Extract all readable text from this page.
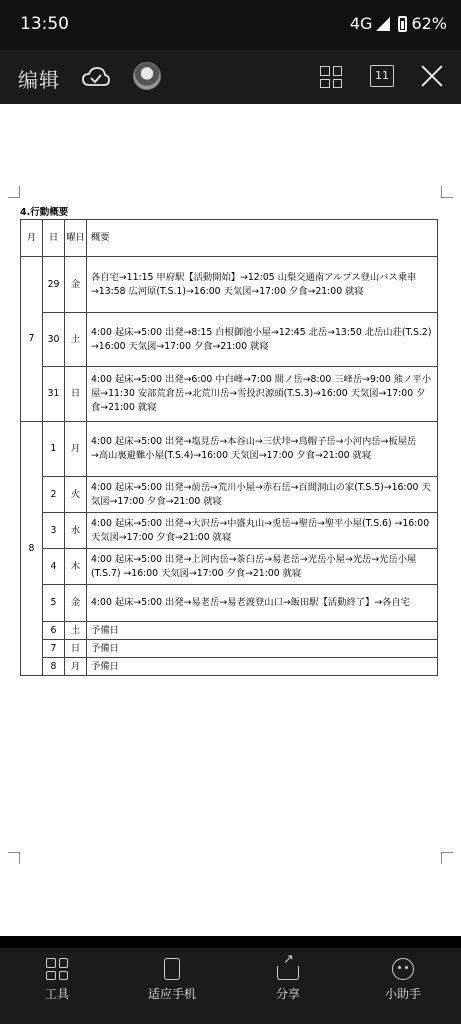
13:50	4G 62%
编辑	11
4.行動概要
月	日	曜日	概要
7	29	金	各自宅→11:15 甲府駅【活動開始】→12:05 山梨交通南アルプス登山バス乗車
→13:58 広河原(T.S.1)→16:00 天気図→17:00 夕食→21:00 就寝

	30	土	4:00 起床→5:00 出発→8:15 白根御池小屋→12:45 北岳→13:50 北岳山荘(T.S.2)
→16:00 天気図→17:00 夕食→21:00 就寝

	31	日	4:00 起床→5:00 出発→6:00 中白峰→7:00 間ノ岳→8:00 三峰岳→9:00 熊ノ平小屋→11:30 安部荒倉岳→北荒川岳→雪投沢源頭(T.S.3)→16:00 天気図→17:00 夕食→21:00 就寝
8	1	月	4:00 起床→5:00 出発→塩見岳→本谷山→三伏垰→鳥帽子岳→小河内岳→板屋岳
→高山裏避難小屋(T.S.4)→16:00 天気図→17:00 夕食→21:00 就寝

	2	火	4:00 起床→5:00 出発→前岳→荒川小屋→赤石岳→百間洞山の家(T.S.5)→16:00 天気図→17:00 夕食→21:00 就寝
	3	水	4:00 起床→5:00 出発→大沢岳→中盛丸山→兎岳→聖岳→聖平小屋(T.S.6) →16:00 天気図→17:00 夕食→21:00 就寝
	4	木	4:00 起床→5:00 出発→上河内岳→茶臼岳→易老岳→光岳小屋→光岳→光岳小屋(T.S.7) →16:00 天気図→17:00 夕食→21:00 就寝
	5	金	4:00 起床→5:00 出発→易老岳→易老渡登山口→飯田駅【活動終了】→各自宅
	6	土	予備日
	7	日	予備日
	8	月	予備日
工具	适应手机
↗	分享	小助手
